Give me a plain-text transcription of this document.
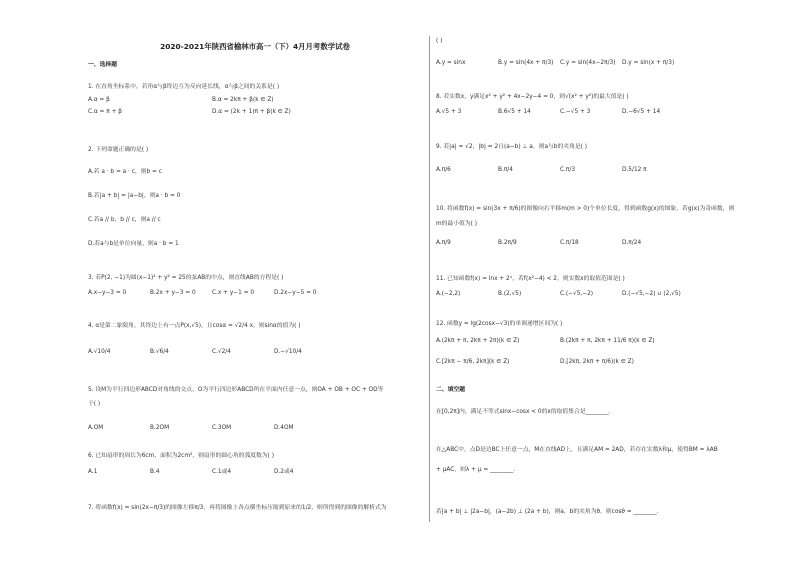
2020-2021年陕西省榆林市高一（下）4月月考数学试卷
一、选择题
1. 在直角坐标系中，若角α与β终边互为反向延长线，α与β之间的关系是( )
A.α = β	B.α = 2kπ + β(k ∈ Z)
C.α = π + β	D.α = (2k + 1)π + β(k ∈ Z)
2. 下列命题正确的是( )
A.若 a · b = a · c，则b = c
B.若|a + b| = |a−b|，则a · b = 0
C.若a // b，b // c，则a // c
D.若a与b是单位向量，则a · b = 1
3. 若P(2, −1)为圆(x−1)² + y² = 25的弦AB的中点，则直线AB的方程是( )
A.x−y−3 = 0	B.2x + y−3 = 0	C.x + y−1 = 0	D.2x−y−5 = 0
4. α是第二象限角，其终边上有一点P(x,√5)，且cosα = √2/4 x，则sinα的值为( )
A.√10/4	B.√6/4	C.√2/4	D.−√10/4
5. 设M为平行四边形ABCD对角线的交点，O为平行四边形ABCD所在平面内任意一点，则OA + OB + OC + OD等
于( )
A.OM	B.2OM	C.3OM	D.4OM
6. 已知扇形的周长为6cm，面积为2cm²，则扇形的圆心角的弧度数为( )
A.1	B.4	C.1或4	D.2或4
7. 将函数f(x) = sin(2x−π/3)的图像左移π/3，再将图像上各点横坐标压缩到原来的1/2，则所得到的图像的解析式为
( )
A.y = sinx	B.y = sin(4x + π/3) C.y = sin(4x−2π/3) D.y = sin(x + π/3)
8. 若实数x，y满足x² + y² + 4x−2y−4 = 0，则√(x² + y²)的最大值是( )
A.√5 + 3	B.6√5 + 14	C.−√5 + 3	D.−6√5 + 14
9. 若|a| = √2，|b| = 2且(a−b) ⊥ a，则a与b的夹角是( )
A.π/6	B.π/4	C.π/3	D.5/12 π
10. 将函数f(x) = sin(3x + π/6)的图像向右平移m(m > 0)个单位长度，得到函数g(x)的图象，若g(x)为奇函数，则
m的最小值为( )
A.π/9	B.2π/9	C.π/18	D.π/24
11. 已知函数f(x) = lnx + 2ˣ，若f(x²−4) < 2，则实数x的取值范围是( )
A.(−2,2)	B.(2,√5)	C.(−√5,−2)	D.(−√5,−2) ∪ (2,√5)
12. 函数y = lg(2cosx−√3)的单调递增区间为( )
A.(2kπ + π, 2kπ + 2π)(k ∈ Z)	B.(2kπ + π, 2kπ + 11/6 π)(k ∈ Z)
C.[2kπ − π/6, 2kπ](k ∈ Z)	D.[2kπ, 2kπ + π/6)(k ∈ Z)
二、填空题
在[0,2π]内，满足不等式sinx−cosx < 0的x的取值集合是________.
在△ABC中，点D是边BC上任意一点，M在直线AD上，且满足AM = 2AD，若存在实数λ和μ，使得BM = λAB
+ μAC，则λ + μ = ________.
若|a + b| ⊥ |2a−b|，(a−2b) ⊥ (2a + b)，则a，b的夹角为θ，则cosθ = ________.
